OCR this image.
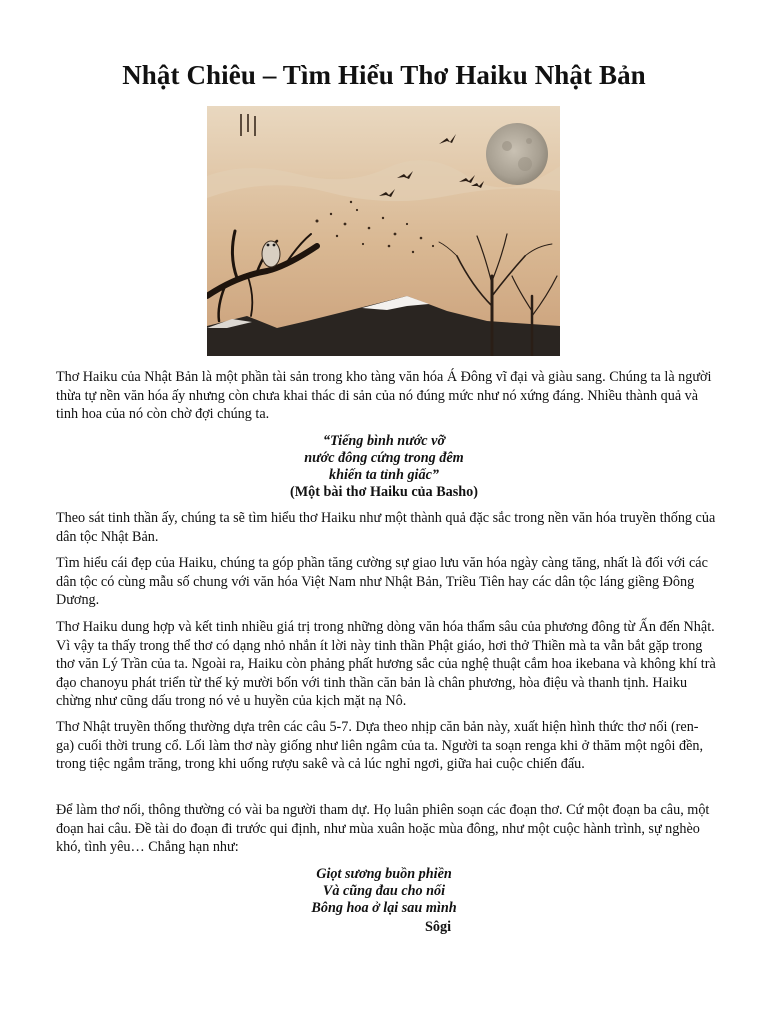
Nhật Chiêu – Tìm Hiểu Thơ Haiku Nhật Bản

Thơ Haiku của Nhật Bản là một phần tài sản trong kho tàng văn hóa Á Đông vĩ đại và giàu sang. Chúng ta là người thừa tự nền văn hóa ấy nhưng còn chưa khai thác di sản của nó đúng mức như nó xứng đáng. Nhiều thành quả và tinh hoa của nó còn chờ đợi chúng ta.

“Tiếng bình nước vỡ
nước đông cứng trong đêm
khiến ta tỉnh giấc”
(Một bài thơ Haiku của Basho)

Theo sát tinh thần ấy, chúng ta sẽ tìm hiểu thơ Haiku như một thành quả đặc sắc trong nền văn hóa truyền thống của dân tộc Nhật Bản.

Tìm hiểu cái đẹp của Haiku, chúng ta góp phần tăng cường sự giao lưu văn hóa ngày càng tăng, nhất là đối với các dân tộc có cùng mẫu số chung với văn hóa Việt Nam như Nhật Bản, Triều Tiên hay các dân tộc láng giềng Đông Dương.

Thơ Haiku dung hợp và kết tinh nhiều giá trị trong những dòng văn hóa thẩm sâu của phương đông từ Ấn đến Nhật. Vì vậy ta thấy trong thể thơ có dạng nhỏ nhắn ít lời này tinh thần Phật giáo, hơi thở Thiền mà ta vẫn bắt gặp trong thơ văn Lý Trần của ta. Ngoài ra, Haiku còn phảng phất hương sắc của nghệ thuật cắm hoa ikebana và không khí trà đạo chanoyu phát triển từ thế kỷ mười bốn với tinh thần căn bản là chân phương, hòa điệu và thanh tịnh. Haiku chừng như cũng dấu trong nó vẻ u huyền của kịch mặt nạ Nô.

Thơ Nhật truyền thống thường dựa trên các câu 5-7. Dựa theo nhịp căn bản này, xuất hiện hình thức thơ nối (ren-ga) cuối thời trung cổ. Lối làm thơ này giống như liên ngâm của ta. Người ta soạn renga khi ở thăm một ngôi đền, trong tiệc ngắm trăng, trong khi uống rượu sakê và cả lúc nghỉ ngơi, giữa hai cuộc chiến đấu.

Để làm thơ nối, thông thường có vài ba người tham dự. Họ luân phiên soạn các đoạn thơ. Cứ một đoạn ba câu, một đoạn hai câu. Đề tài do đoạn đi trước qui định, như mùa xuân hoặc mùa đông, như một cuộc hành trình, sự nghèo khó, tình yêu… Chẳng hạn như:

Giọt sương buồn phiền
Và cũng đau cho nối
Bông hoa ở lại sau mình
Sôgi
